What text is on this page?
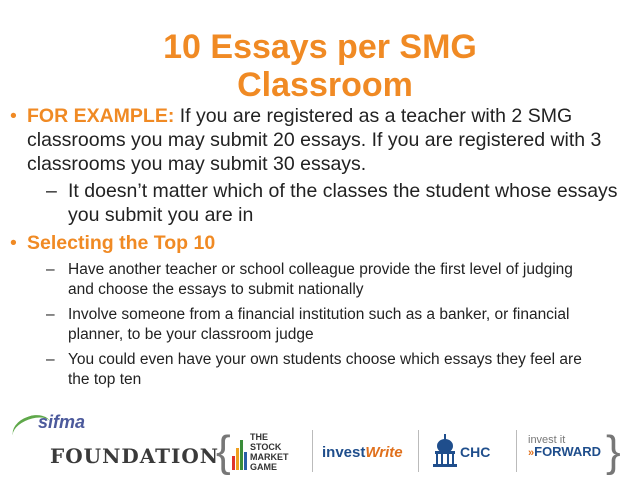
10 Essays per SMG

Classroom
• FOR EXAMPLE: If you are registered as a teacher with 2 SMG classrooms you may submit 20 essays. If you are registered with 3 classrooms you may submit 30 essays.
– It doesn’t matter which of the classes the student whose essays you submit you are in
• Selecting the Top 10
– Have another teacher or school colleague provide the first level of judging and choose the essays to submit nationally
– Involve someone from a financial institution such as a banker, or financial planner, to be your classroom judge
– You could even have your own students choose which essays they feel are the top ten
sifma
FOUNDATION
{ THE
STOCK
MARKET
GAME
investWrite	CHC
invest it
»FORWARD }
